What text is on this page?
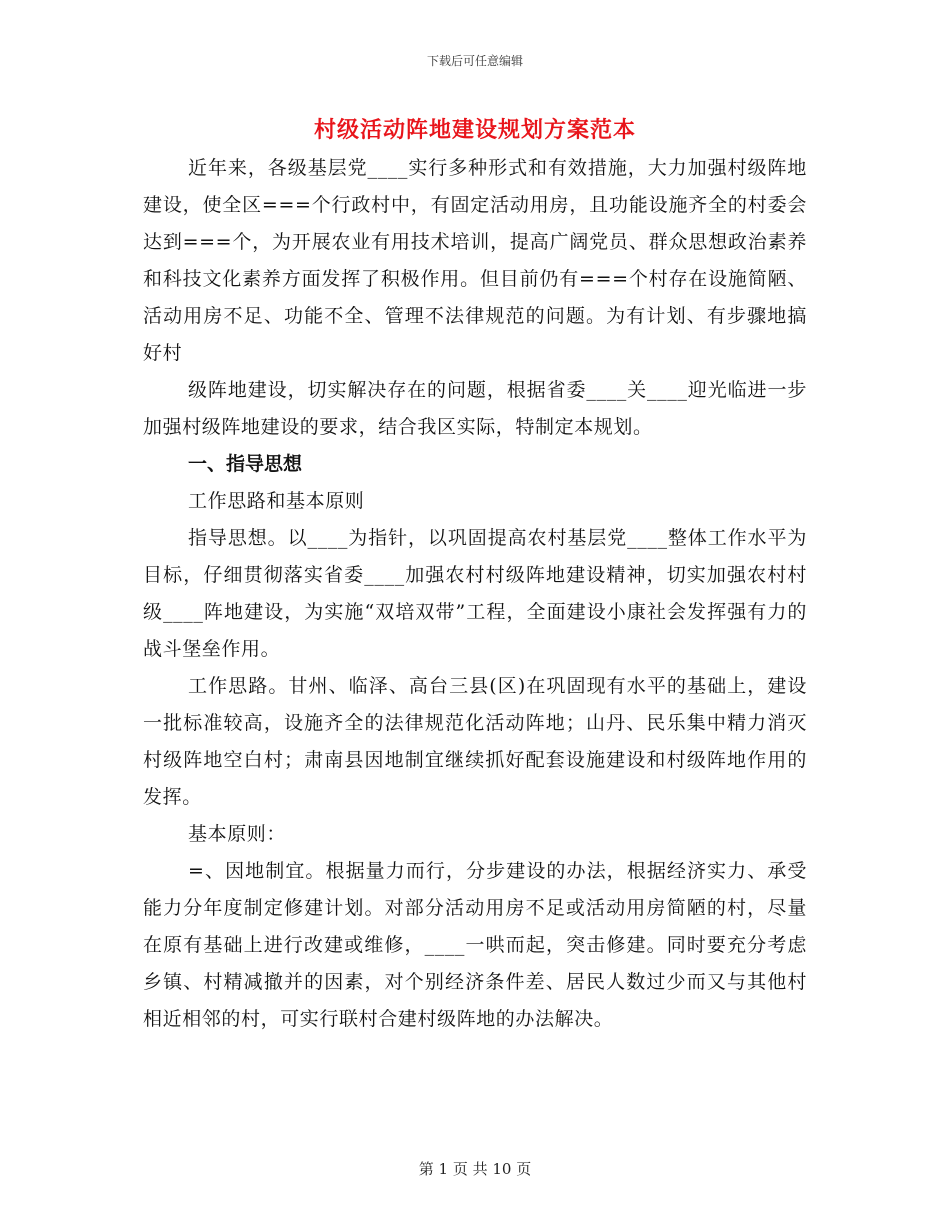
下载后可任意编辑
村级活动阵地建设规划方案范本

近年来，各级基层党____实行多种形式和有效措施，大力加强村级阵地建设，使全区===个行政村中，有固定活动用房，且功能设施齐全的村委会达到===个，为开展农业有用技术培训，提高广阔党员、群众思想政治素养和科技文化素养方面发挥了积极作用。但目前仍有===个村存在设施简陋、活动用房不足、功能不全、管理不法律规范的问题。为有计划、有步骤地搞好村

级阵地建设，切实解决存在的问题，根据省委____关____迎光临进一步加强村级阵地建设的要求，结合我区实际，特制定本规划。

一、指导思想

工作思路和基本原则

指导思想。以____为指针，以巩固提高农村基层党____整体工作水平为目标，仔细贯彻落实省委____加强农村村级阵地建设精神，切实加强农村村级____阵地建设，为实施“双培双带”工程，全面建设小康社会发挥强有力的战斗堡垒作用。

工作思路。甘州、临泽、高台三县(区)在巩固现有水平的基础上，建设一批标准较高，设施齐全的法律规范化活动阵地；山丹、民乐集中精力消灭村级阵地空白村；肃南县因地制宜继续抓好配套设施建设和村级阵地作用的发挥。

基本原则：

=、因地制宜。根据量力而行，分步建设的办法，根据经济实力、承受能力分年度制定修建计划。对部分活动用房不足或活动用房简陋的村，尽量在原有基础上进行改建或维修，____一哄而起，突击修建。同时要充分考虑乡镇、村精减撤并的因素，对个别经济条件差、居民人数过少而又与其他村相近相邻的村，可实行联村合建村级阵地的办法解决。

第 1 页 共 10 页
